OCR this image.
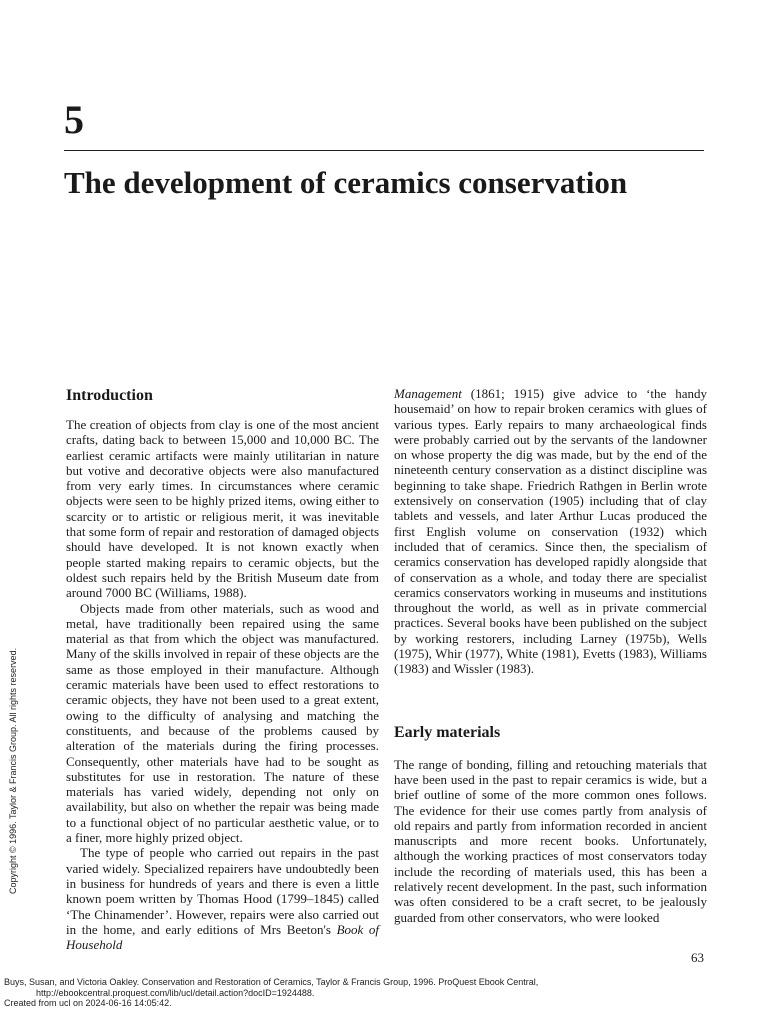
5
The development of ceramics conservation
Introduction

The creation of objects from clay is one of the most ancient crafts, dating back to between 15,000 and 10,000 BC. The earliest ceramic artifacts were mainly utilitarian in nature but votive and decorative objects were also manufactured from very early times. In circumstances where ceramic objects were seen to be highly prized items, owing either to scarcity or to artistic or religious merit, it was inevitable that some form of repair and restoration of damaged objects should have developed. It is not known exactly when people started making repairs to ceramic objects, but the oldest such repairs held by the British Museum date from around 7000 BC (Williams, 1988).

Objects made from other materials, such as wood and metal, have traditionally been repaired using the same material as that from which the object was manufactured. Many of the skills involved in repair of these objects are the same as those employed in their manufacture. Although ceramic materials have been used to effect restorations to ceramic objects, they have not been used to a great extent, owing to the difficulty of analysing and matching the constituents, and because of the problems caused by alteration of the materials during the firing processes. Consequently, other materials have had to be sought as substitutes for use in restoration. The nature of these materials has varied widely, depending not only on availability, but also on whether the repair was being made to a functional object of no particular aesthetic value, or to a finer, more highly prized object.

The type of people who carried out repairs in the past varied widely. Specialized repairers have undoubtedly been in business for hundreds of years and there is even a little known poem written by Thomas Hood (1799–1845) called ‘The Chinamender’. However, repairs were also carried out in the home, and early editions of Mrs Beeton's Book of Household

Management (1861; 1915) give advice to ‘the handy housemaid’ on how to repair broken ceramics with glues of various types. Early repairs to many archaeological finds were probably carried out by the servants of the landowner on whose property the dig was made, but by the end of the nineteenth century conservation as a distinct discipline was beginning to take shape. Friedrich Rathgen in Berlin wrote extensively on conservation (1905) including that of clay tablets and vessels, and later Arthur Lucas produced the first English volume on conservation (1932) which included that of ceramics. Since then, the specialism of ceramics conservation has developed rapidly alongside that of conservation as a whole, and today there are specialist ceramics conservators working in museums and institutions throughout the world, as well as in private commercial practices. Several books have been published on the subject by working restorers, including Larney (1975b), Wells (1975), Whir (1977), White (1981), Evetts (1983), Williams (1983) and Wissler (1983).

Early materials

The range of bonding, filling and retouching materials that have been used in the past to repair ceramics is wide, but a brief outline of some of the more common ones follows. The evidence for their use comes partly from analysis of old repairs and partly from information recorded in ancient manuscripts and more recent books. Unfortunately, although the working practices of most conservators today include the recording of materials used, this has been a relatively recent development. In the past, such information was often considered to be a craft secret, to be jealously guarded from other conservators, who were looked

63
Copyright © 1996. Taylor & Francis Group. All rights reserved.
Buys, Susan, and Victoria Oakley. Conservation and Restoration of Ceramics, Taylor & Francis Group, 1996. ProQuest Ebook Central,
http://ebookcentral.proquest.com/lib/ucl/detail.action?docID=1924488.
Created from ucl on 2024-06-16 14:05:42.
